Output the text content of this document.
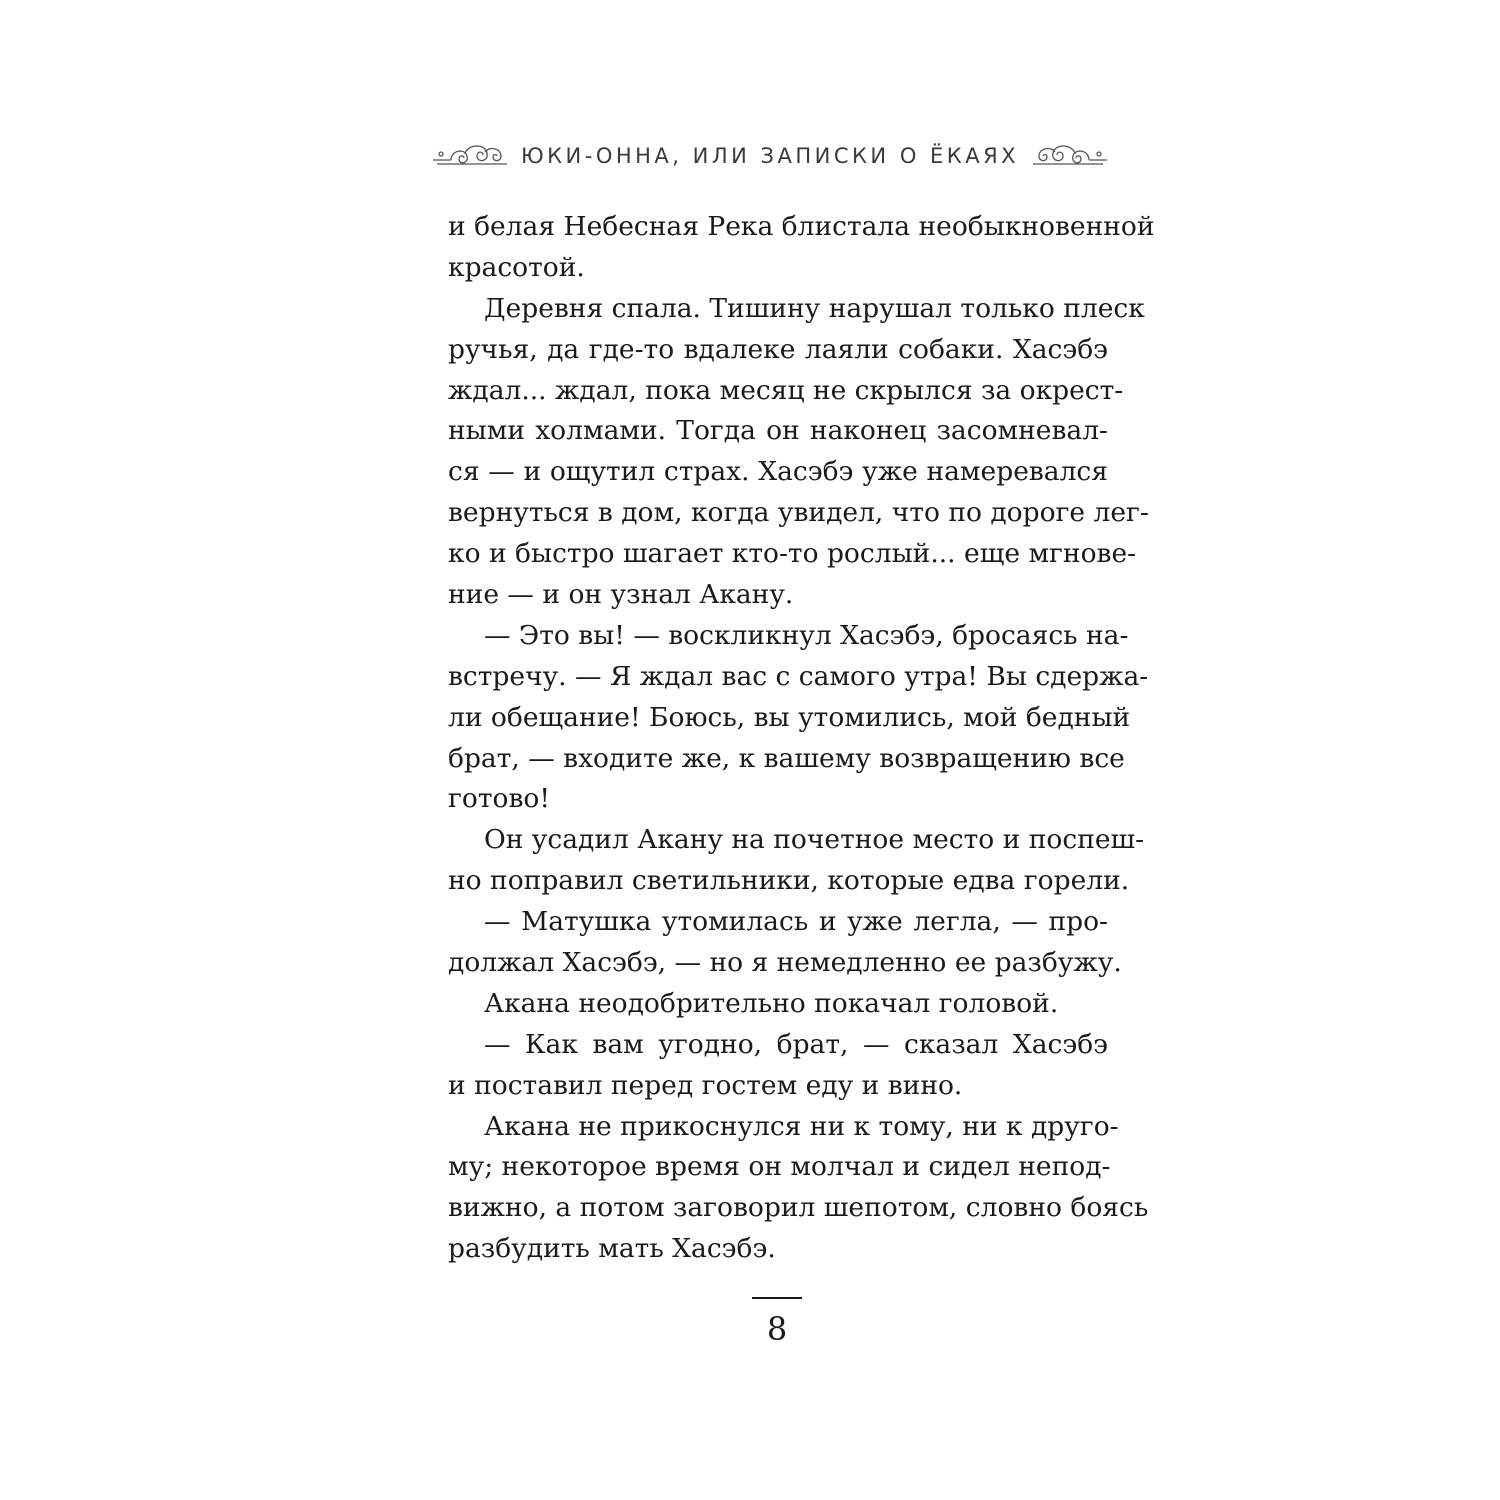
ЮКИ-ОННА, ИЛИ ЗАПИСКИ О ЁКАЯХ
и белая Небесная Река блистала необыкновенной
красотой.
Деревня спала. Тишину нарушал только плеск
ручья, да где-то вдалеке лаяли собаки. Хасэбэ
ждал... ждал, пока месяц не скрылся за окрест-
ными холмами. Тогда он наконец засомневал-
ся — и ощутил страх. Хасэбэ уже намеревался
вернуться в дом, когда увидел, что по дороге лег-
ко и быстро шагает кто-то рослый... еще мгнове-
ние — и он узнал Акану.
— Это вы! — воскликнул Хасэбэ, бросаясь на-
встречу. — Я ждал вас с самого утра! Вы сдержа-
ли обещание! Боюсь, вы утомились, мой бедный
брат, — входите же, к вашему возвращению все
готово!
Он усадил Акану на почетное место и поспеш-
но поправил светильники, которые едва горели.
— Матушка утомилась и уже легла, — про-
должал Хасэбэ, — но я немедленно ее разбужу.
Акана неодобрительно покачал головой.
— Как вам угодно, брат, — сказал Хасэбэ
и поставил перед гостем еду и вино.
Акана не прикоснулся ни к тому, ни к друго-
му; некоторое время он молчал и сидел непод-
вижно, а потом заговорил шепотом, словно боясь
разбудить мать Хасэбэ.
8
